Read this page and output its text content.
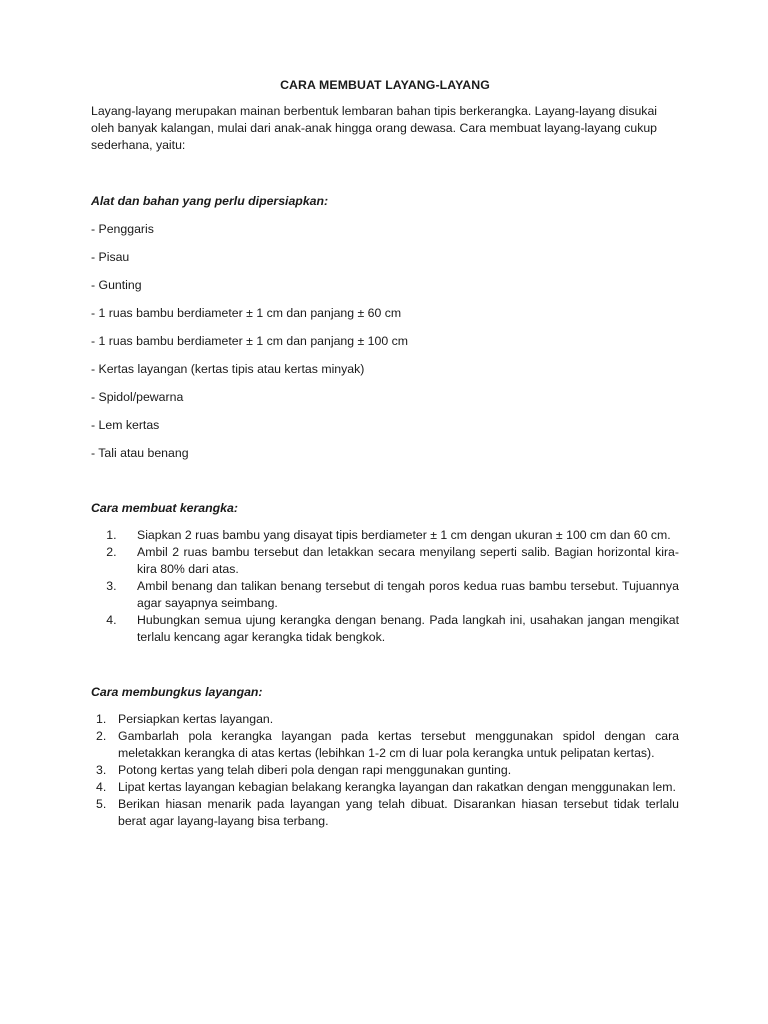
CARA MEMBUAT LAYANG-LAYANG

Layang-layang merupakan mainan berbentuk lembaran bahan tipis berkerangka. Layang-layang disukai oleh banyak kalangan, mulai dari anak-anak hingga orang dewasa. Cara membuat layang-layang cukup sederhana, yaitu:

Alat dan bahan yang perlu dipersiapkan:

- Penggaris
- Pisau
- Gunting
- 1 ruas bambu berdiameter ± 1 cm dan panjang ± 60 cm
- 1 ruas bambu berdiameter ± 1 cm dan panjang ± 100 cm
- Kertas layangan (kertas tipis atau kertas minyak)
- Spidol/pewarna
- Lem kertas
- Tali atau benang

Cara membuat kerangka:

1.	Siapkan 2 ruas bambu yang disayat tipis berdiameter ± 1 cm dengan ukuran ± 100 cm dan 60 cm.
2.	Ambil 2 ruas bambu tersebut dan letakkan secara menyilang seperti salib. Bagian horizontal kira-kira 80% dari atas.
3.	Ambil benang dan talikan benang tersebut di tengah poros kedua ruas bambu tersebut. Tujuannya agar sayapnya seimbang.
4.	Hubungkan semua ujung kerangka dengan benang. Pada langkah ini, usahakan jangan mengikat terlalu kencang agar kerangka tidak bengkok.

Cara membungkus layangan:

1. Persiapkan kertas layangan.
2. Gambarlah pola kerangka layangan pada kertas tersebut menggunakan spidol dengan cara meletakkan kerangka di atas kertas (lebihkan 1-2 cm di luar pola kerangka untuk pelipatan kertas).
3. Potong kertas yang telah diberi pola dengan rapi menggunakan gunting.
4. Lipat kertas layangan kebagian belakang kerangka layangan dan rakatkan dengan menggunakan lem.
5. Berikan hiasan menarik pada layangan yang telah dibuat. Disarankan hiasan tersebut tidak terlalu berat agar layang-layang bisa terbang.
